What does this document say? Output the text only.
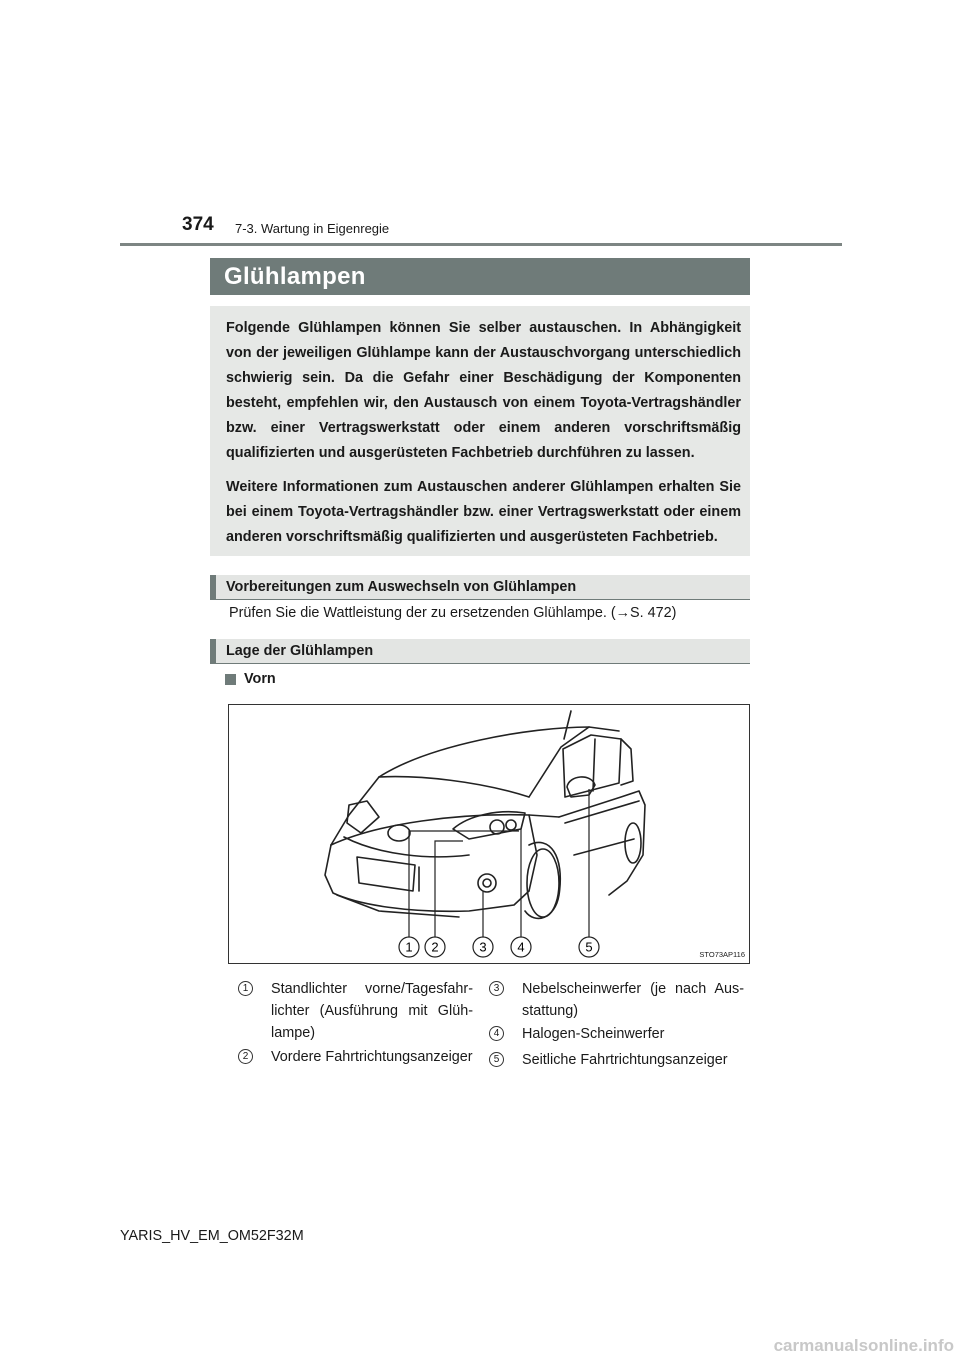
374 7-3. Wartung in Eigenregie
Glühlampen

Folgende Glühlampen können Sie selber austauschen. In Abhängigkeit von der jeweiligen Glühlampe kann der Austauschvorgang unterschiedlich schwierig sein. Da die Gefahr einer Beschädigung der Komponenten besteht, empfehlen wir, den Austausch von einem Toyota-Vertragshändler bzw. einer Vertragswerkstatt oder einem anderen vorschriftsmäßig qualifizierten und ausgerüsteten Fachbetrieb durchführen zu lassen.

Weitere Informationen zum Austauschen anderer Glühlampen erhalten Sie bei einem Toyota-Vertragshändler bzw. einer Vertragswerkstatt oder einem anderen vorschriftsmäßig qualifizierten und ausgerüsteten Fachbetrieb.

Vorbereitungen zum Auswechseln von Glühlampen
Prüfen Sie die Wattleistung der zu ersetzenden Glühlampe. (→S. 472)
Lage der Glühlampen
Vorn
1 2	3 4	5	STO73AP116
1	Standlichter vorne/Tagesfahrlichter (Ausführung mit Glühlampe)
2	Vordere Fahrtrichtungsanzeiger
3	Nebelscheinwerfer (je nach Ausstattung)
4	Halogen-Scheinwerfer
5	Seitliche Fahrtrichtungsanzeiger
YARIS_HV_EM_OM52F32M
carmanualsonline.info
